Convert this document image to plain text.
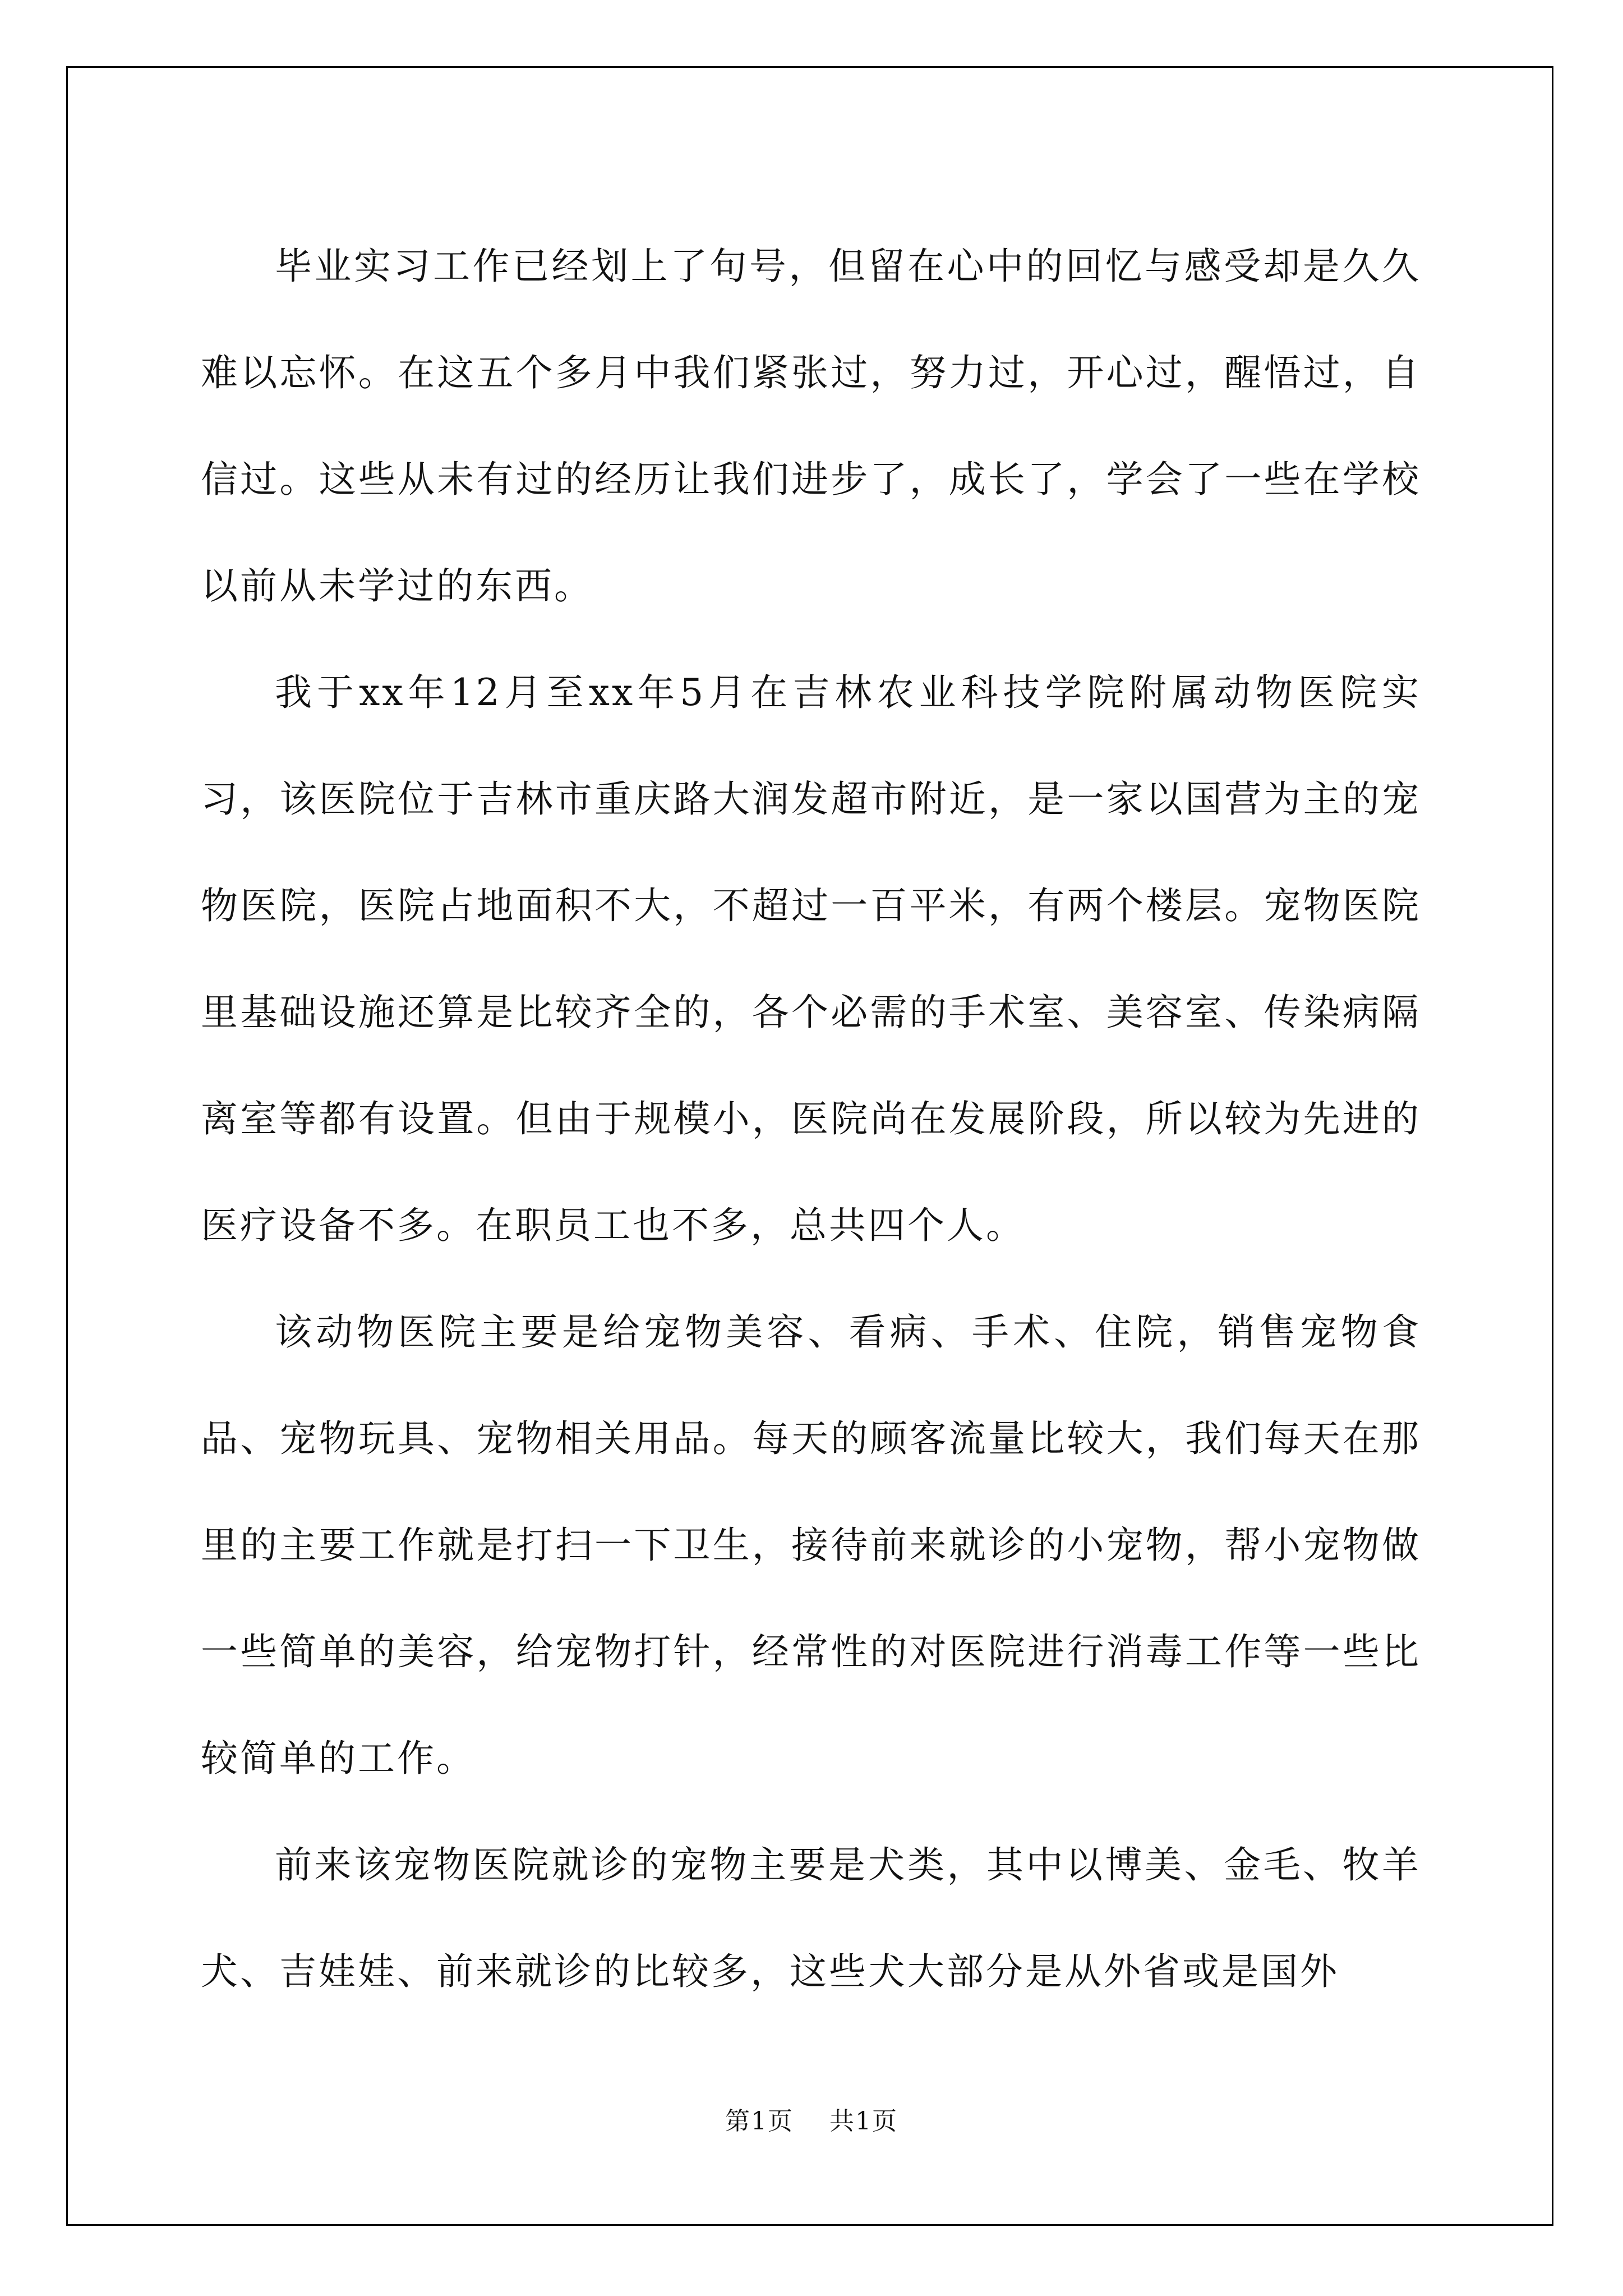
毕业实习工作已经划上了句号，但留在心中的回忆与感受却是久久难以忘怀。在这五个多月中我们紧张过，努力过，开心过，醒悟过，自信过。这些从未有过的经历让我们进步了，成长了，学会了一些在学校以前从未学过的东西。

我于xx年12月至xx年5月在吉林农业科技学院附属动物医院实习，该医院位于吉林市重庆路大润发超市附近，是一家以国营为主的宠物医院，医院占地面积不大，不超过一百平米，有两个楼层。宠物医院里基础设施还算是比较齐全的，各个必需的手术室、美容室、传染病隔离室等都有设置。但由于规模小，医院尚在发展阶段，所以较为先进的医疗设备不多。在职员工也不多，总共四个人。

该动物医院主要是给宠物美容、看病、手术、住院，销售宠物食品、宠物玩具、宠物相关用品。每天的顾客流量比较大，我们每天在那里的主要工作就是打扫一下卫生，接待前来就诊的小宠物，帮小宠物做一些简单的美容，给宠物打针，经常性的对医院进行消毒工作等一些比较简单的工作。

前来该宠物医院就诊的宠物主要是犬类，其中以博美、金毛、牧羊犬、吉娃娃、前来就诊的比较多，这些犬大部分是从外省或是国外

第1页 共1页
